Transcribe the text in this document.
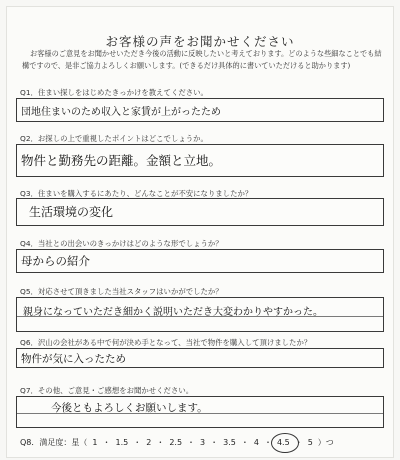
お客様の声をお聞かせください
お客様のご意見をお聞かせいただき今後の活動に反映したいと考えております。どのような些細なことでも結構ですので、是非ご協力よろしくお願いします。(できるだけ具体的に書いていただけると助かります)
Q1．住まい探しをはじめたきっかけを教えてください。
団地住まいのため収入と家賃が上がったため
Q2．お探しの上で重視したポイントはどこでしょうか。
物件と勤務先の距離。金額と立地。
Q3．住まいを購入するにあたり、どんなことが不安になりましたか？
生活環境の変化
Q4．当社との出会いのきっかけはどのような形でしょうか？
母からの紹介
Q5．対応させて頂きました当社スタッフはいかがでしたか？
親身になっていただき細かく説明いただき大変わかりやすかった。
Q6．沢山の会社がある中で何が決め手となって、当社で物件を購入して頂けましたか？
物件が気に入ったため
Q7．その他、ご意見・ご感想をお聞かせください。
今後ともよろしくお願いします。
Q8．満足度：星（ 1 ・ 1.5 ・ 2 ・ 2.5 ・ 3 ・ 3.5 ・ 4 ・ 4.5 ・ 5 ）つ
